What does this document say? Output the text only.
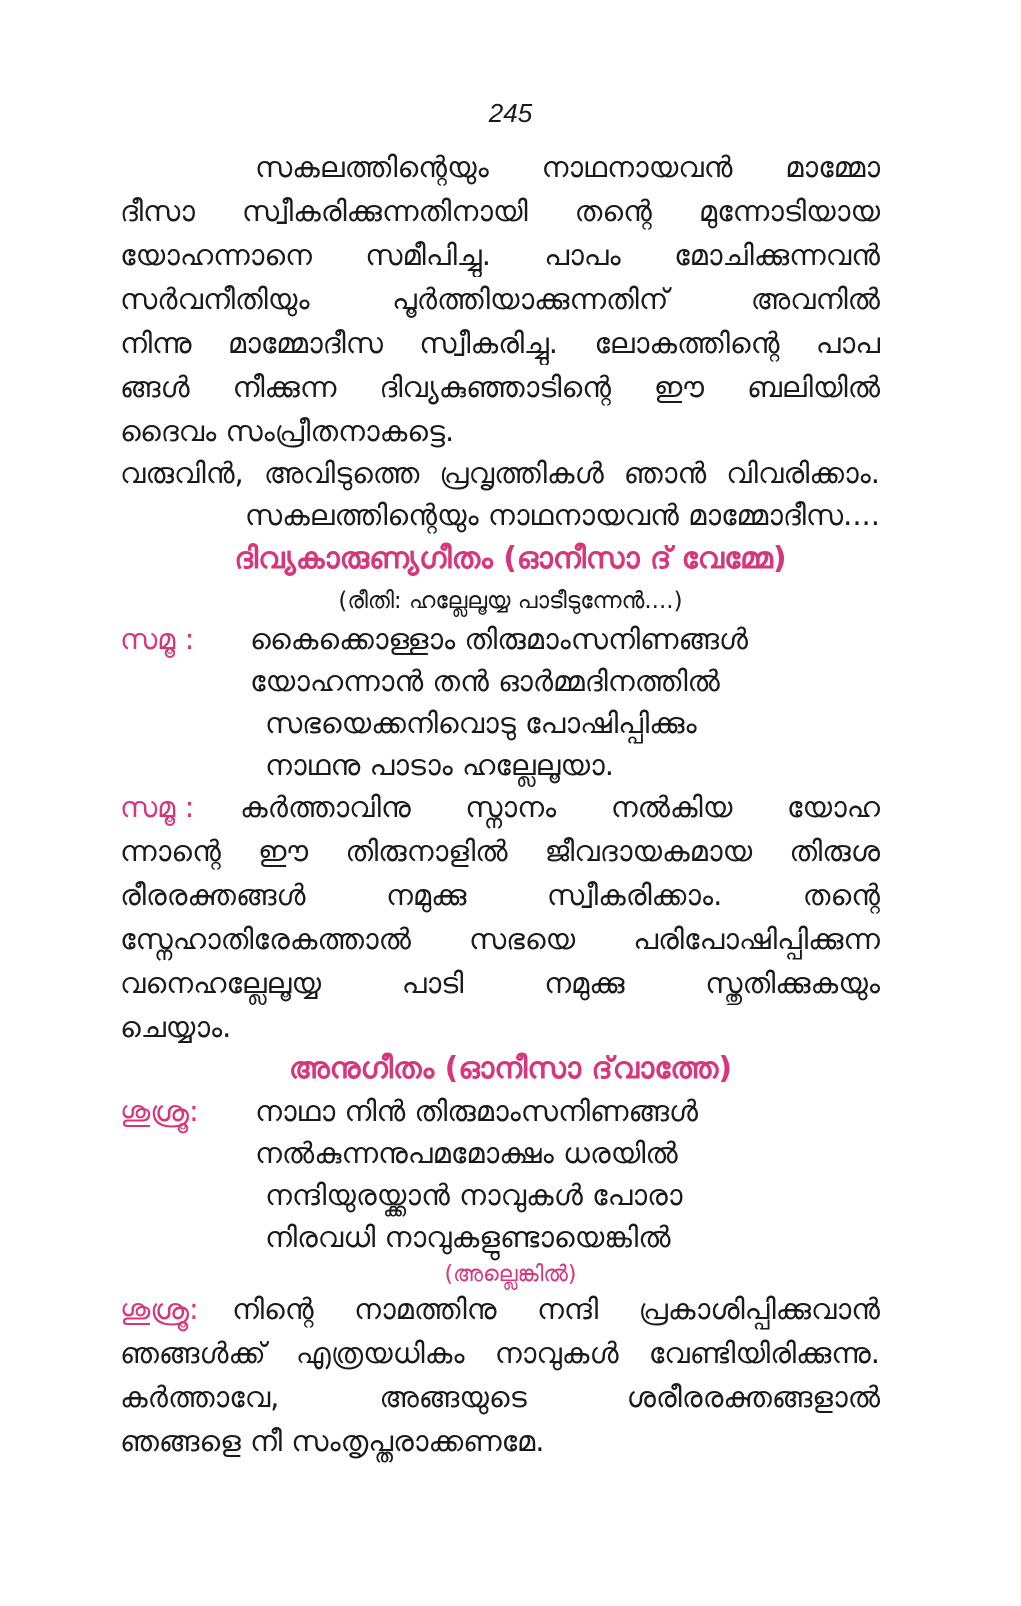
245
സകലത്തിന്റെയും നാഥനായവൻ മാമ്മോ
ദീസാ സ്വീകരിക്കുന്നതിനായി തന്റെ മുന്നോടിയായ
യോഹന്നാനെ സമീപിച്ചു. പാപം മോചിക്കുന്നവൻ
സർവനീതിയും പൂർത്തിയാക്കുന്നതിന് അവനിൽ
നിന്നു മാമ്മോദീസ സ്വീകരിച്ചു. ലോകത്തിന്റെ പാപ
ങ്ങൾ നീക്കുന്ന ദിവ്യകുഞ്ഞാടിന്റെ ഈ ബലിയിൽ
ദൈവം സംപ്രീതനാകട്ടെ.
വരുവിൻ, അവിടുത്തെ പ്രവൃത്തികൾ ഞാൻ വിവരിക്കാം.
സകലത്തിന്റെയും നാഥനായവൻ മാമ്മോദീസ....
ദിവ്യകാരുണ്യഗീതം (ഓനീസാ ദ് വേമ്മേ)
(രീതി: ഹല്ലേലൂയ്യ പാടീടുന്നേൻ....)
സമൂ : കൈക്കൊള്ളാം തിരുമാംസനിണങ്ങൾ
യോഹന്നാൻ തൻ ഓർമ്മദിനത്തിൽ
സഭയെക്കനിവൊടു പോഷിപ്പിക്കും
നാഥനു പാടാം ഹല്ലേലൂയാ.
സമൂ : കർത്താവിനു സ്നാനം നൽകിയ യോഹ
ന്നാന്റെ ഈ തിരുനാളിൽ ജീവദായകമായ തിരുശ
രീരരക്തങ്ങൾ നമുക്കു സ്വീകരിക്കാം. തന്റെ
സ്നേഹാതിരേകത്താൽ സഭയെ പരിപോഷിപ്പിക്കുന്ന
വനെഹല്ലേലൂയ്യ പാടി നമുക്കു സ്തുതിക്കുകയും
ചെയ്യാം.
അനുഗീതം (ഓനീസാ ദ്‌വാത്തേ)
ശുശ്രൂ: നാഥാ നിൻ തിരുമാംസനിണങ്ങൾ
നൽകുന്നനുപമമോക്ഷം ധരയിൽ
നന്ദിയുരയ്ക്കാൻ നാവുകൾ പോരാ
നിരവധി നാവുകളുണ്ടായെങ്കിൽ
(അല്ലെങ്കിൽ)
ശുശ്രൂ: നിന്റെ നാമത്തിനു നന്ദി പ്രകാശിപ്പിക്കുവാൻ
ഞങ്ങൾക്ക് എത്രയധികം നാവുകൾ വേണ്ടിയിരിക്കുന്നു.
കർത്താവേ, അങ്ങയുടെ ശരീരരക്തങ്ങളാൽ
ഞങ്ങളെ നീ സംതൃപ്തരാക്കണമേ.
